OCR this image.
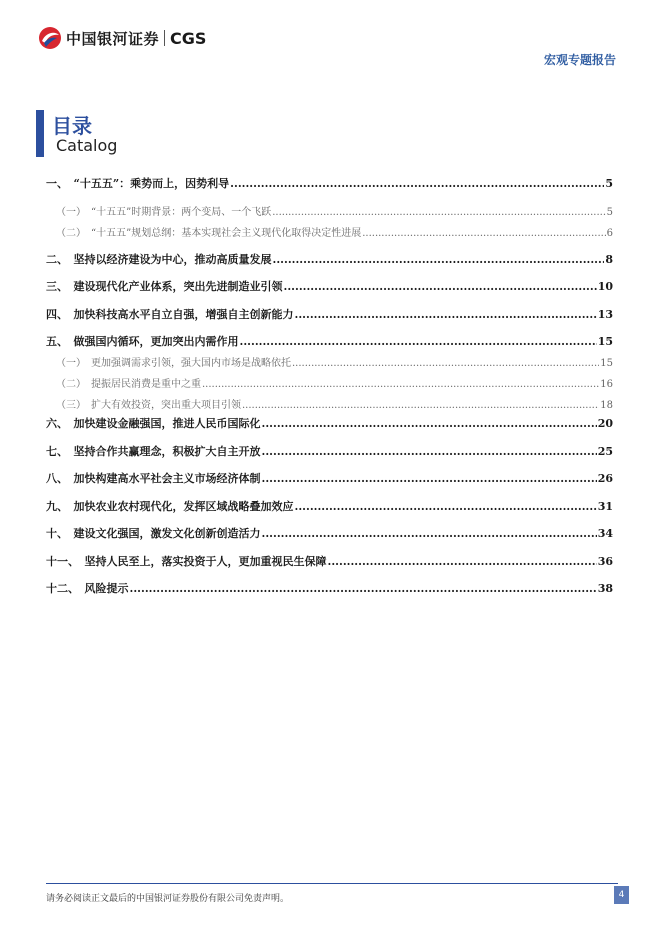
中国银河证券 CGS
宏观专题报告
目录
Catalog
一、　“十五五”：乘势而上，因势利导 .....	5
（一）　“十五五”时期背景：两个变局、一个飞跃 .....	5
（二）　“十五五”规划总纲：基本实现社会主义现代化取得决定性进展 .....	6
二、　坚持以经济建设为中心，推动高质量发展 .....	8
三、　建设现代化产业体系，突出先进制造业引领 .....	10
四、　加快科技高水平自立自强，增强自主创新能力 .....	13
五、　做强国内循环，更加突出内需作用 .....	15
（一）　更加强调需求引领，强大国内市场是战略依托 .....	15
（二）　提振居民消费是重中之重 .....	16
（三）　扩大有效投资，突出重大项目引领 .....	18
六、　加快建设金融强国，推进人民币国际化 .....	20
七、　坚持合作共赢理念，积极扩大自主开放 .....	25
八、　加快构建高水平社会主义市场经济体制 .....	26
九、　加快农业农村现代化，发挥区域战略叠加效应 .....	31
十、　建设文化强国，激发文化创新创造活力 .....	34
十一、　坚持人民至上，落实投资于人，更加重视民生保障 .....	36
十二、　风险提示 .....	38
请务必阅读正文最后的中国银河证券股份有限公司免责声明。	4
